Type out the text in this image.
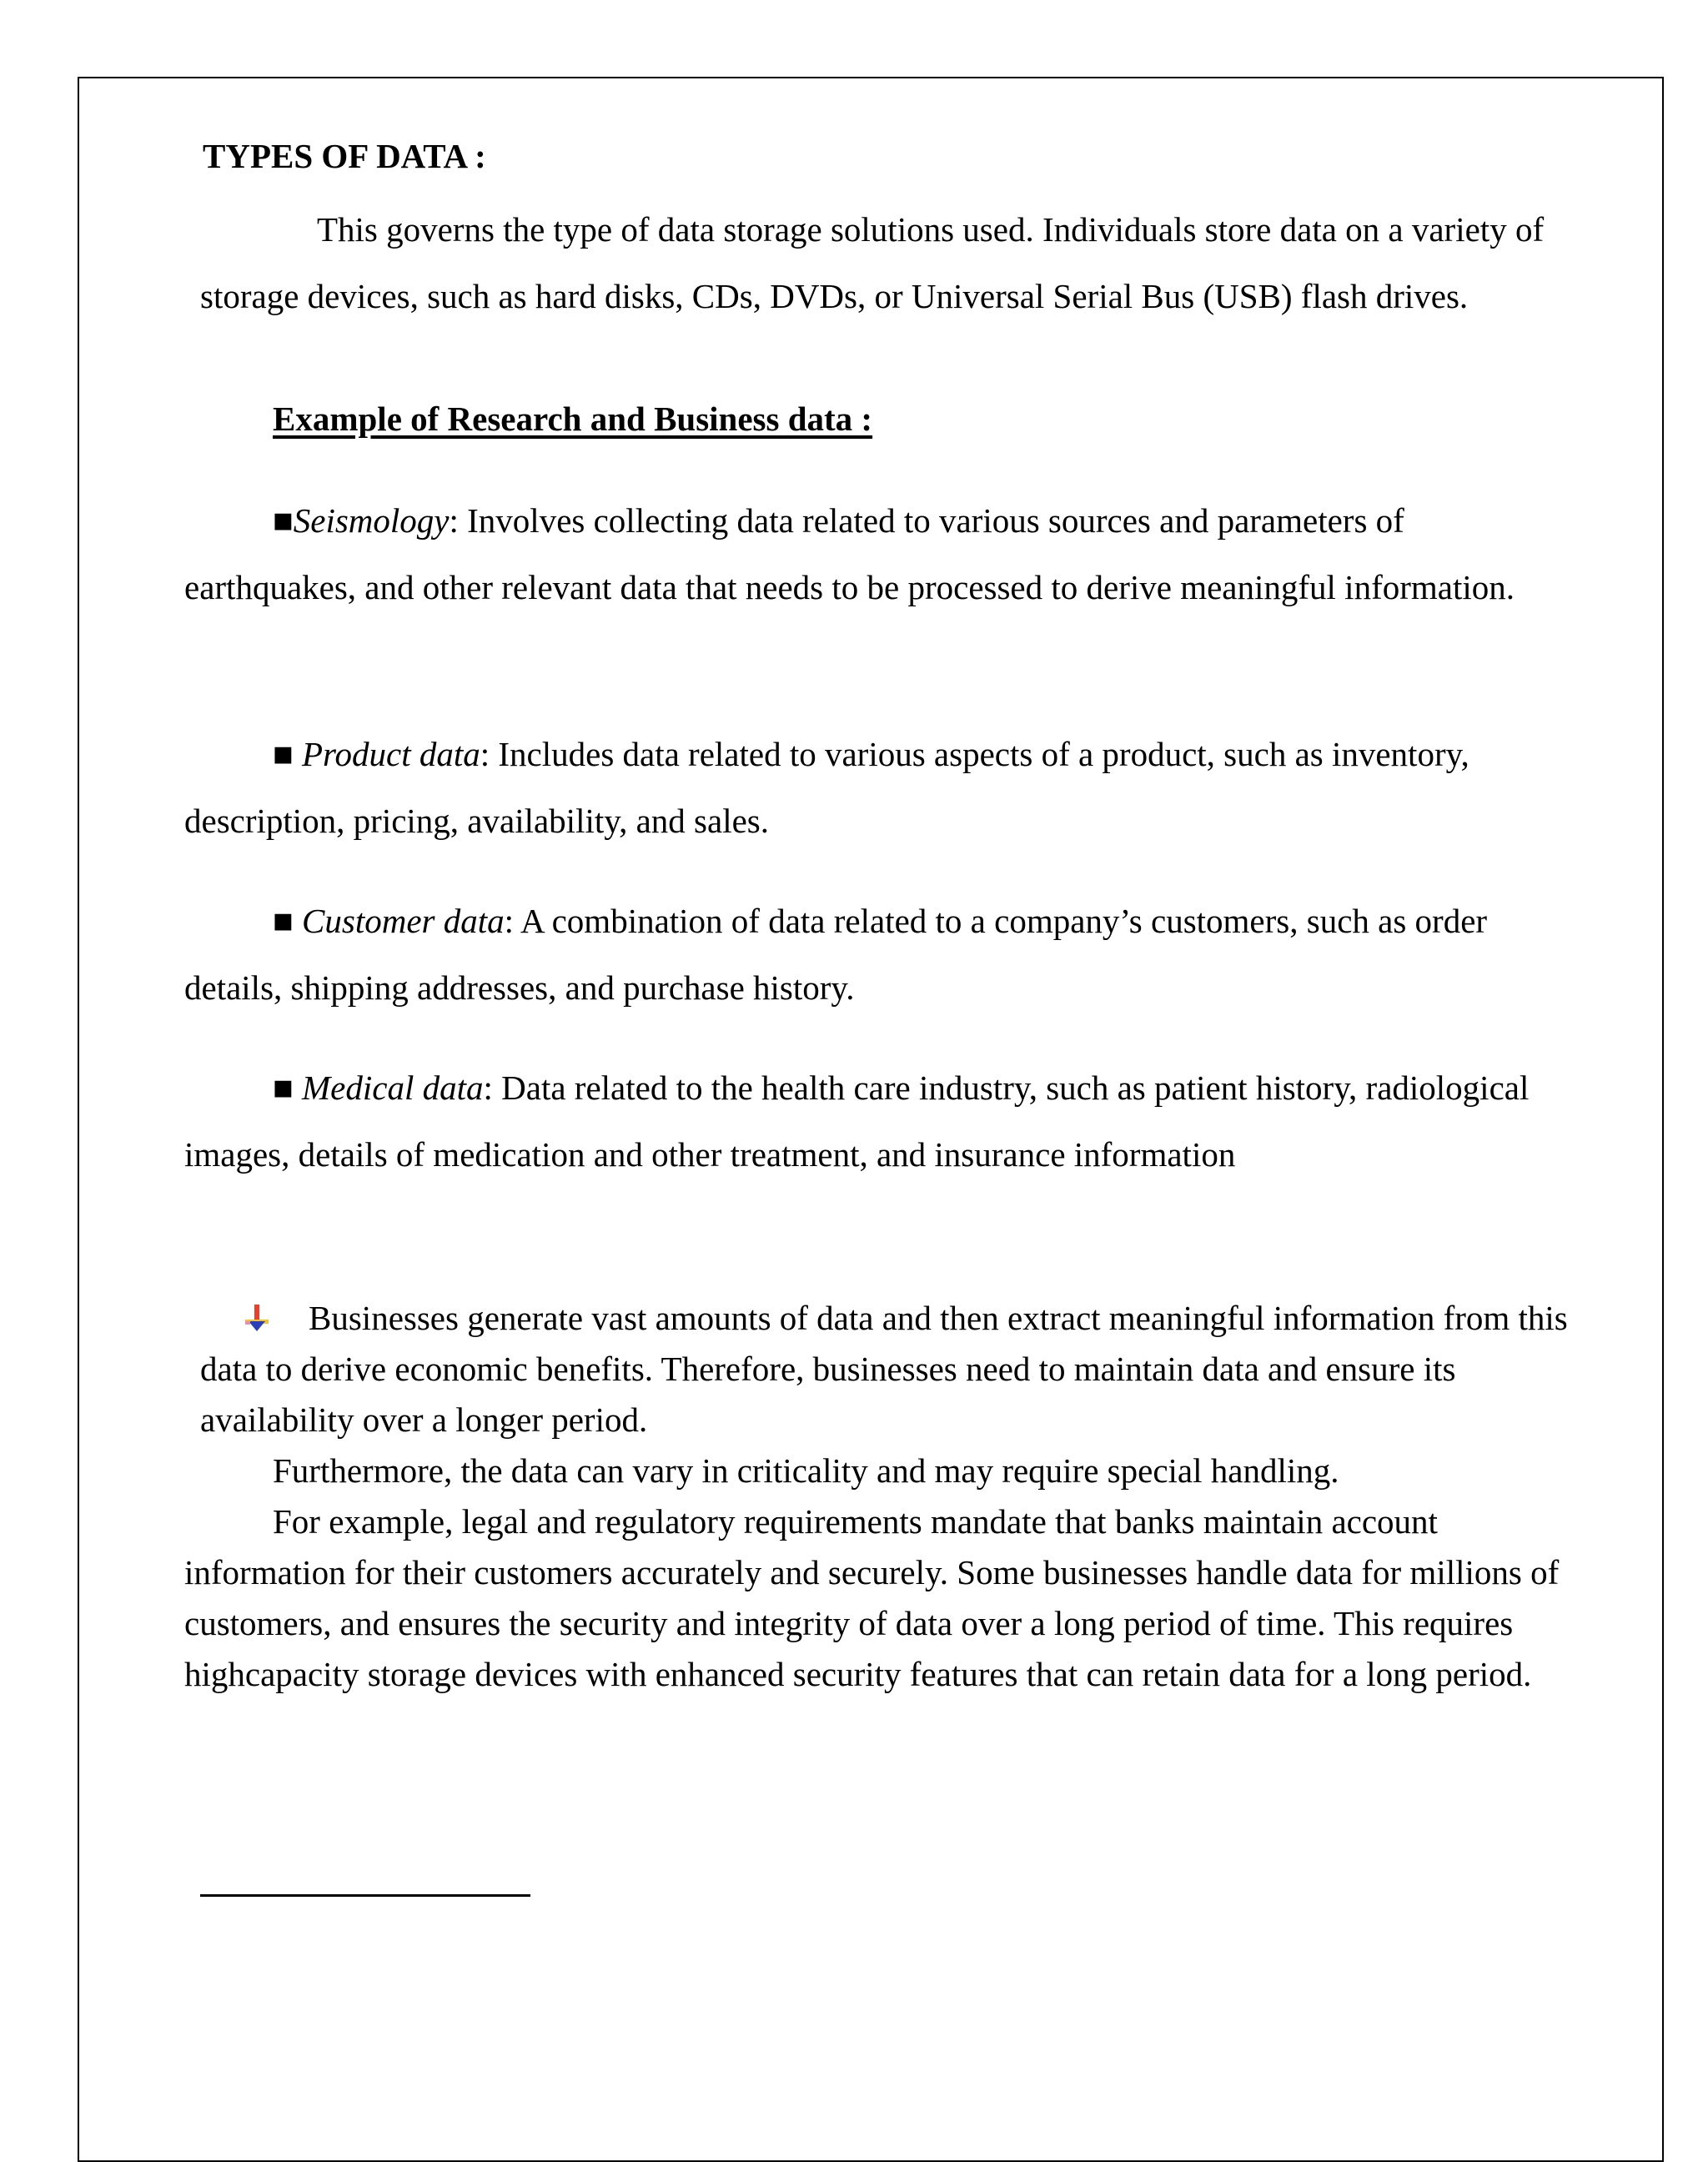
TYPES OF DATA :
This governs the type of data storage solutions used. Individuals store data on a variety of storage devices, such as hard disks, CDs, DVDs, or Universal Serial Bus (USB) flash drives.
Example of Research and Business data :
■Seismology: Involves collecting data related to various sources and parameters of earthquakes, and other relevant data that needs to be processed to derive meaningful information.
■ Product data: Includes data related to various aspects of a product, such as inventory, description, pricing, availability, and sales.
■ Customer data: A combination of data related to a company’s customers, such as order details, shipping addresses, and purchase history.
■ Medical data: Data related to the health care industry, such as patient history, radiological images, details of medication and other treatment, and insurance information
Businesses generate vast amounts of data and then extract meaningful information from this data to derive economic benefits. Therefore, businesses need to maintain data and ensure its availability over a longer period.
Furthermore, the data can vary in criticality and may require special handling.
For example, legal and regulatory requirements mandate that banks maintain account information for their customers accurately and securely. Some businesses handle data for millions of customers, and ensures the security and integrity of data over a long period of time. This requires highcapacity storage devices with enhanced security features that can retain data for a long period.
